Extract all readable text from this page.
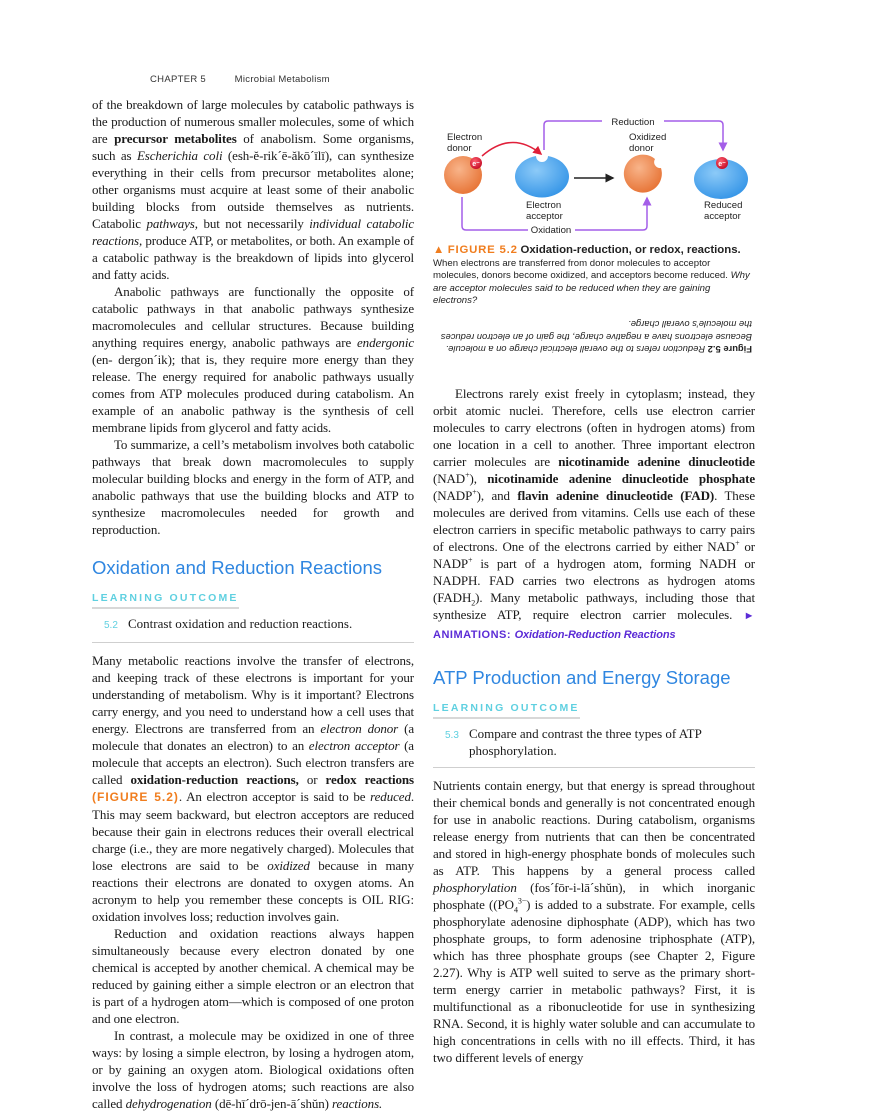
CHAPTER 5	Microbial Metabolism

of the breakdown of large molecules by catabolic pathways is the production of numerous smaller molecules, some of which are precursor metabolites of anabolism. Some organisms, such as Escherichia coli (esh-ĕ-rik´ē-ăkō´īlī), can synthesize everything in their cells from precursor metabolites alone; other organisms must acquire at least some of their anabolic building blocks from outside themselves as nutrients. Catabolic pathways, but not necessarily individual catabolic reactions, produce ATP, or metabolites, or both. An example of a catabolic pathway is the breakdown of lipids into glycerol and fatty acids.

Anabolic pathways are functionally the opposite of catabolic pathways in that anabolic pathways synthesize macromolecules and cellular structures. Because building anything requires energy, anabolic pathways are endergonic (en- dergon´ik); that is, they require more energy than they release. The energy required for anabolic pathways usually comes from ATP molecules produced during catabolism. An example of an anabolic pathway is the synthesis of cell membrane lipids from glycerol and fatty acids.

To summarize, a cell’s metabolism involves both catabolic pathways that break down macromolecules to supply molecular building blocks and energy in the form of ATP, and anabolic pathways that use the building blocks and ATP to synthesize macromolecules needed for growth and reproduction.

Oxidation and Reduction Reactions
LEARNING OUTCOME
5.2 Contrast oxidation and reduction reactions.

Many metabolic reactions involve the transfer of electrons, and keeping track of these electrons is important for your understanding of metabolism. Why is it important? Electrons carry energy, and you need to understand how a cell uses that energy. Electrons are transferred from an electron donor (a molecule that donates an electron) to an electron acceptor (a molecule that accepts an electron). Such electron transfers are called oxidation-reduction reactions, or redox reactions (FIGURE 5.2). An electron acceptor is said to be reduced. This may seem backward, but electron acceptors are reduced because their gain in electrons reduces their overall electrical charge (i.e., they are more negatively charged). Molecules that lose electrons are said to be oxidized because in many reactions their electrons are donated to oxygen atoms. An acronym to help you remember these concepts is OIL RIG: oxidation involves loss; reduction involves gain.

Reduction and oxidation reactions always happen simultaneously because every electron donated by one chemical is accepted by another chemical. A chemical may be reduced by gaining either a simple electron or an electron that is part of a hydrogen atom—which is composed of one proton and one electron.

In contrast, a molecule may be oxidized in one of three ways: by losing a simple electron, by losing a hydrogen atom, or by gaining an oxygen atom. Biological oxidations often involve the loss of hydrogen atoms; such reactions are also called dehydrogenation (dē-hī´drō-jen-ā´shŭn) reactions.

Reduction
Oxidation
e⁻
Electron
donor
Electron
acceptor
Oxidized
donor
e⁻
Reduced
acceptor
▲ FIGURE 5.2 Oxidation-reduction, or redox, reactions. When electrons are transferred from donor molecules to acceptor molecules, donors become oxidized, and acceptors become reduced. Why are acceptor molecules said to be reduced when they are gaining electrons?
Figure 5.2 Reduction refers to the overall electrical charge on a molecule. Because electrons have a negative charge, the gain of an electron reduces the molecule’s overall charge.

Electrons rarely exist freely in cytoplasm; instead, they orbit atomic nuclei. Therefore, cells use electron carrier molecules to carry electrons (often in hydrogen atoms) from one location in a cell to another. Three important electron carrier molecules are nicotinamide adenine dinucleotide (NAD+), nicotinamide adenine dinucleotide phosphate (NADP+), and flavin adenine dinucleotide (FAD). These molecules are derived from vitamins. Cells use each of these electron carriers in specific metabolic pathways to carry pairs of electrons. One of the electrons carried by either NAD+ or NADP+ is part of a hydrogen atom, forming NADH or NADPH. FAD carries two electrons as hydrogen atoms $(FADH_2)$. Many metabolic pathways, including those that synthesize ATP, require electron carrier molecules. ► ANIMATIONS: Oxidation-Reduction Reactions

ATP Production and Energy Storage
LEARNING OUTCOME
5.3 Compare and contrast the three types of ATP phosphorylation.

Nutrients contain energy, but that energy is spread throughout their chemical bonds and generally is not concentrated enough for use in anabolic reactions. During catabolism, organisms release energy from nutrients that can then be concentrated and stored in high-energy phosphate bonds of molecules such as ATP. This happens by a general process called phosphorylation (fos´fōr-i-lā´shŭn), in which inorganic phosphate ($(PO_4^{3-})$ is added to a substrate. For example, cells phosphorylate adenosine diphosphate (ADP), which has two phosphate groups, to form adenosine triphosphate (ATP), which has three phosphate groups (see Chapter 2, Figure 2.27). Why is ATP well suited to serve as the primary short-term energy carrier in metabolic pathways? First, it is multifunctional as a ribonucleotide for use in synthesizing RNA. Second, it is highly water soluble and can accumulate to high concentrations in cells with no ill effects. Third, it has two different levels of energy
